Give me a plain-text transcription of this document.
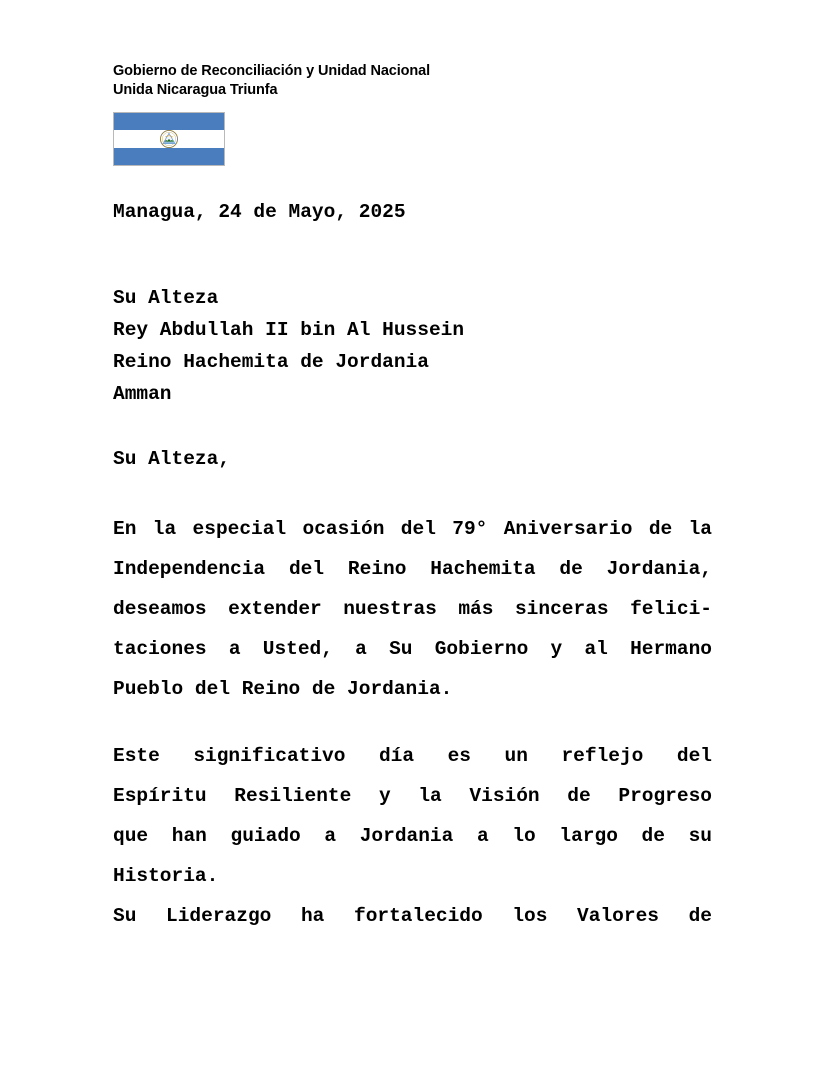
Gobierno de Reconciliación y Unidad Nacional
Unida Nicaragua Triunfa
Managua, 24 de Mayo, 2025
Su Alteza
Rey Abdullah II bin Al Hussein
Reino Hachemita de Jordania
Amman
Su Alteza,

En la especial ocasión del 79° Aniversario de la
Independencia del Reino Hachemita de Jordania,
deseamos extender nuestras más sinceras felici-
taciones a Usted, a Su Gobierno y al Hermano
Pueblo del Reino de Jordania.

Este significativo día es un reflejo del
Espíritu Resiliente y la Visión de Progreso
que han guiado a Jordania a lo largo de su Historia.
Su Liderazgo ha fortalecido los Valores de
